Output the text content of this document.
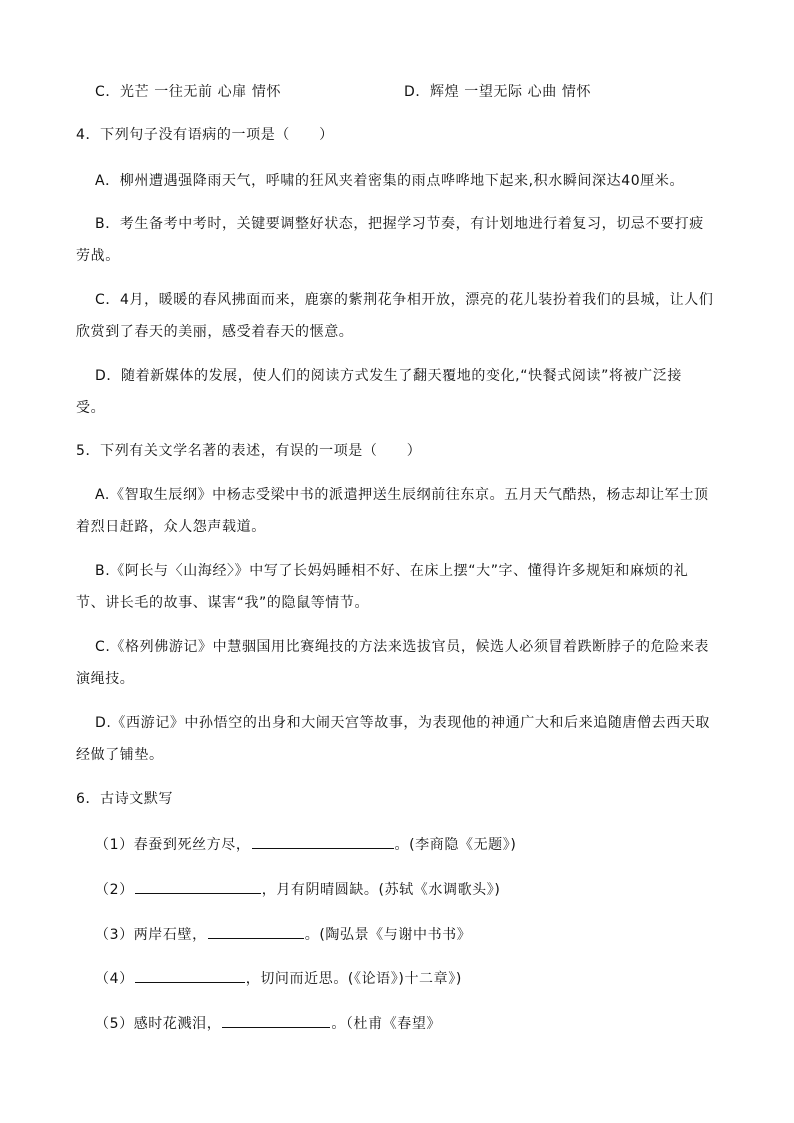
C．光芒 一往无前 心扉 情怀	D．辉煌 一望无际 心曲 情怀
4．下列句子没有语病的一项是（　　）
A．柳州遭遇强降雨天气，呼啸的狂风夹着密集的雨点哗哗地下起来,积水瞬间深达40厘米。
B．考生备考中考时，关键要调整好状态，把握学习节奏，有计划地进行着复习，切忌不要打疲
劳战。
C．4月，暖暖的春风拂面而来，鹿寨的紫荆花争相开放，漂亮的花儿装扮着我们的县城，让人们
欣赏到了春天的美丽，感受着春天的惬意。
D．随着新媒体的发展，使人们的阅读方式发生了翻天覆地的变化,“快餐式阅读”将被广泛接
受。
5．下列有关文学名著的表述，有误的一项是（　　）
A.《智取生辰纲》中杨志受梁中书的派遣押送生辰纲前往东京。五月天气酷热，杨志却让军士顶
着烈日赶路，众人怨声载道。
B.《阿长与〈山海经〉》中写了长妈妈睡相不好、在床上摆“大”字、懂得许多规矩和麻烦的礼
节、讲长毛的故事、谋害“我”的隐鼠等情节。
C.《格列佛游记》中慧骃国用比赛绳技的方法来选拔官员，候选人必须冒着跌断脖子的危险来表
演绳技。
D.《西游记》中孙悟空的出身和大闹天宫等故事，为表现他的神通广大和后来追随唐僧去西天取
经做了铺垫。
6．古诗文默写
（1）春蚕到死丝方尽，	。(李商隐《无题》)
（2）	，月有阴晴圆缺。(苏轼《水调歌头》)
（3）两岸石壁，	。(陶弘景《与谢中书书》
（4）	，切问而近思。(《论语》)十二章》)
（5）感时花溅泪，	。（杜甫《春望》
